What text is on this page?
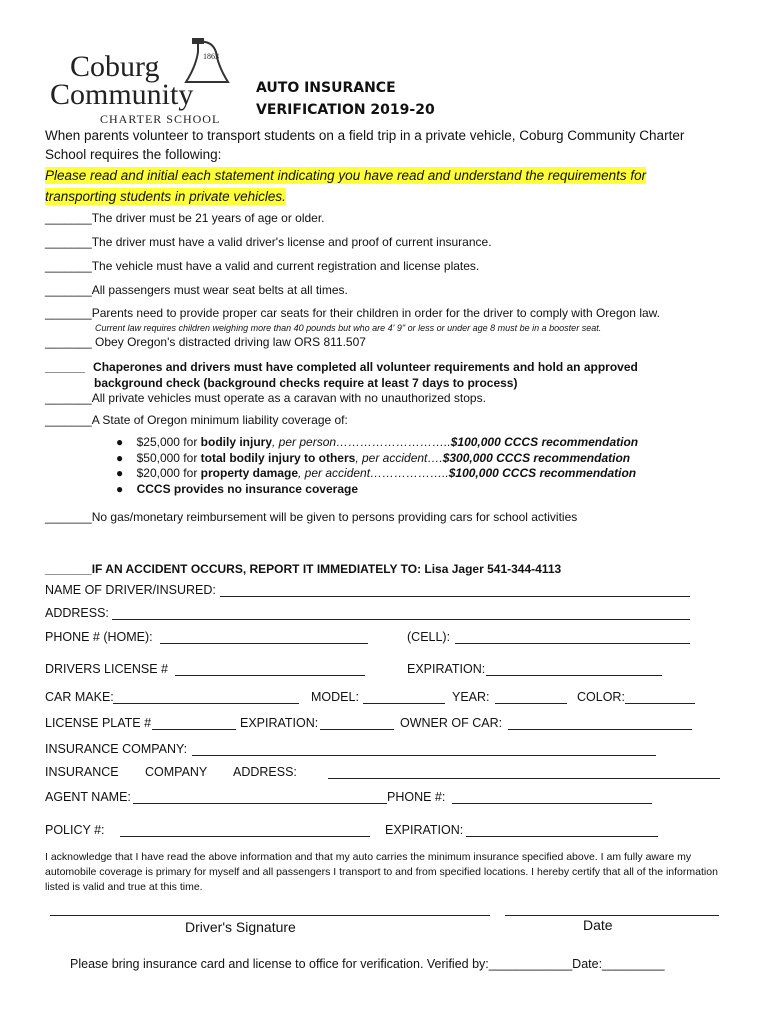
1863
Coburg
Community
CHARTER SCHOOL
AUTO INSURANCE
VERIFICATION 2019-20
When parents volunteer to transport students on a field trip in a private vehicle, Coburg Community Charter
School requires the following:
Please read and initial each statement indicating you have read and understand the requirements for
transporting students in private vehicles.
_______The driver must be 21 years of age or older.
_______The driver must have a valid driver's license and proof of current insurance.
_______The vehicle must have a valid and current registration and license plates.
_______All passengers must wear seat belts at all times.
_______Parents need to provide proper car seats for their children in order for the driver to comply with Oregon law.
Current law requires children weighing more than 40 pounds but who are 4' 9" or less or under age 8 must be in a booster seat.
_______ Obey Oregon's distracted driving law ORS 811.507
______ Chaperones and drivers must have completed all volunteer requirements and hold an approved
background check (background checks require at least 7 days to process)
_______All private vehicles must operate as a caravan with no unauthorized stops.
_______A State of Oregon minimum liability coverage of:
●    $25,000 for bodily injury, per person………………………..$100,000 CCCS recommendation
●    $50,000 for total bodily injury to others, per accident….$300,000 CCCS recommendation
●    $20,000 for property damage, per accident………………..$100,000 CCCS recommendation
●    CCCS provides no insurance coverage
_______No gas/monetary reimbursement will be given to persons providing cars for school activities
_______IF AN ACCIDENT OCCURS, REPORT IT IMMEDIATELY TO: Lisa Jager 541-344-4113
NAME OF DRIVER/INSURED:
ADDRESS:
PHONE # (HOME):	(CELL):
DRIVERS LICENSE #	EXPIRATION:
CAR MAKE:	MODEL:	YEAR:	COLOR:
LICENSE PLATE #	EXPIRATION:	OWNER OF CAR:
INSURANCE COMPANY:
INSURANCE COMPANY ADDRESS:
AGENT NAME:	PHONE #:
POLICY #:	EXPIRATION:
I acknowledge that I have read the above information and that my auto carries the minimum insurance specified above. I am fully aware my automobile coverage is primary for myself and all passengers I transport to and from specified locations. I hereby certify that all of the information listed is valid and true at this time.
Driver's Signature	Date
Please bring insurance card and license to office for verification. Verified by:____________Date:_________
